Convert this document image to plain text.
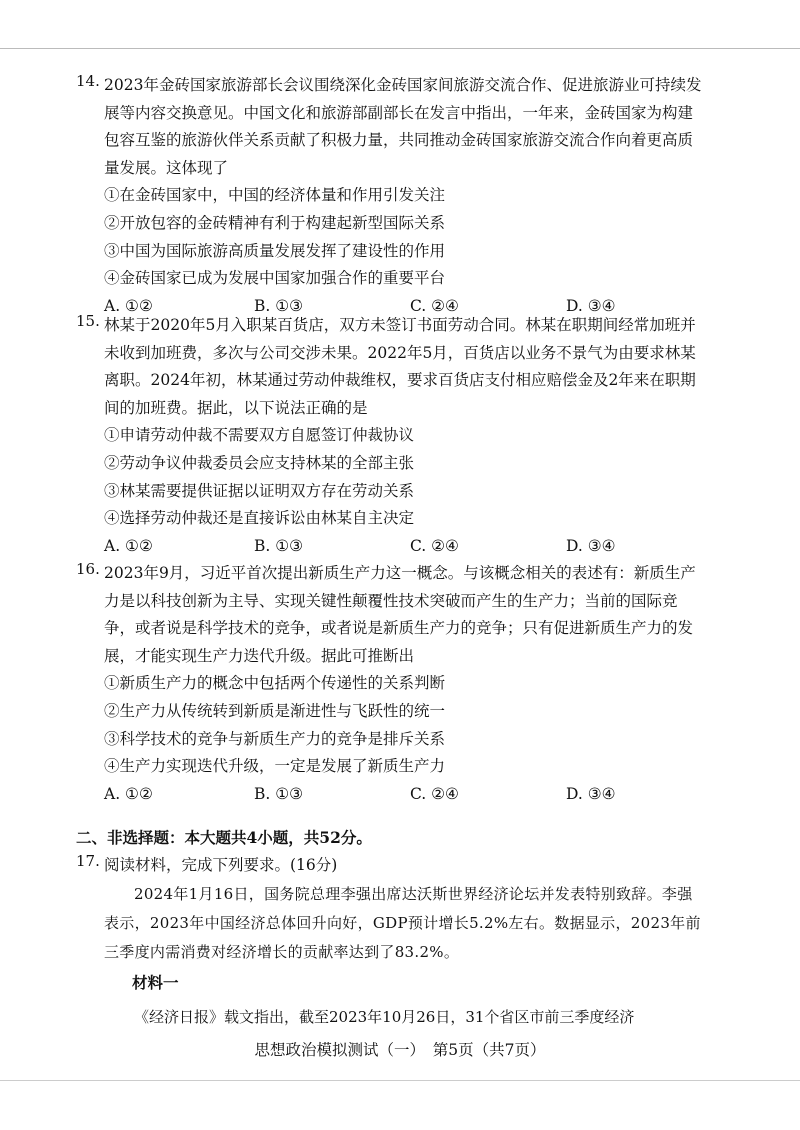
14. 2023年金砖国家旅游部长会议围绕深化金砖国家间旅游交流合作、促进旅游业可持续发展等内容交换意见。中国文化和旅游部副部长在发言中指出，一年来，金砖国家为构建包容互鉴的旅游伙伴关系贡献了积极力量，共同推动金砖国家旅游交流合作向着更高质量发展。这体现了

①在金砖国家中，中国的经济体量和作用引发关注

②开放包容的金砖精神有利于构建起新型国际关系

③中国为国际旅游高质量发展发挥了建设性的作用

④金砖国家已成为发展中国家加强合作的重要平台

A. ①②	B. ①③	C. ②④	D. ③④
15. 林某于2020年5月入职某百货店，双方未签订书面劳动合同。林某在职期间经常加班并未收到加班费，多次与公司交涉未果。2022年5月，百货店以业务不景气为由要求林某离职。2024年初，林某通过劳动仲裁维权，要求百货店支付相应赔偿金及2年来在职期间的加班费。据此，以下说法正确的是

①申请劳动仲裁不需要双方自愿签订仲裁协议

②劳动争议仲裁委员会应支持林某的全部主张

③林某需要提供证据以证明双方存在劳动关系

④选择劳动仲裁还是直接诉讼由林某自主决定

A. ①②	B. ①③	C. ②④	D. ③④
16. 2023年9月，习近平首次提出新质生产力这一概念。与该概念相关的表述有：新质生产力是以科技创新为主导、实现关键性颠覆性技术突破而产生的生产力；当前的国际竞争，或者说是科学技术的竞争，或者说是新质生产力的竞争；只有促进新质生产力的发展，才能实现生产力迭代升级。据此可推断出

①新质生产力的概念中包括两个传递性的关系判断

②生产力从传统转到新质是渐进性与飞跃性的统一

③科学技术的竞争与新质生产力的竞争是排斥关系

④生产力实现迭代升级，一定是发展了新质生产力

A. ①②	B. ①③	C. ②④	D. ③④
二、非选择题：本大题共4小题，共52分。
17. 阅读材料，完成下列要求。(16分)

2024年1月16日，国务院总理李强出席达沃斯世界经济论坛并发表特别致辞。李强表示，2023年中国经济总体回升向好，GDP预计增长5.2%左右。数据显示，2023年前三季度内需消费对经济增长的贡献率达到了83.2%。

材料一

《经济日报》载文指出，截至2023年10月26日，31个省区市前三季度经济

思想政治模拟测试（一）　第5页（共7页）
